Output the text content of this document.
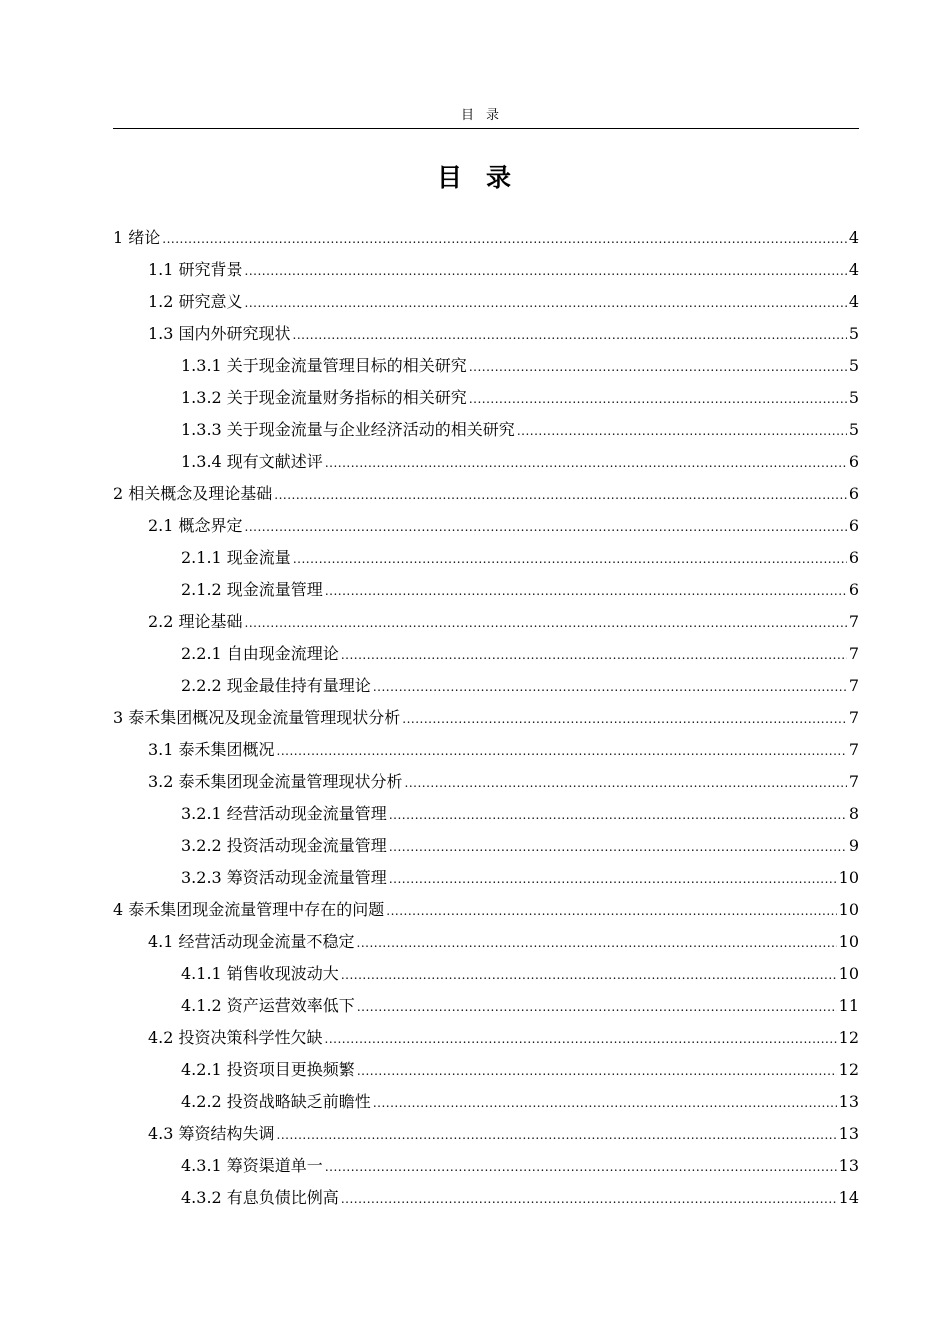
目录
目录
1 绪论 .....	4
1.1 研究背景 .....	4
1.2 研究意义 .....	4
1.3 国内外研究现状 .....	5
1.3.1 关于现金流量管理目标的相关研究 .....	5
1.3.2 关于现金流量财务指标的相关研究 .....	5
1.3.3 关于现金流量与企业经济活动的相关研究 .....	5
1.3.4 现有文献述评 .....	6
2 相关概念及理论基础 .....	6
2.1 概念界定 .....	6
2.1.1 现金流量 .....	6
2.1.2 现金流量管理 .....	6
2.2 理论基础 .....	7
2.2.1 自由现金流理论 .....	7
2.2.2 现金最佳持有量理论 .....	7
3 泰禾集团概况及现金流量管理现状分析 .....	7
3.1 泰禾集团概况 .....	7
3.2 泰禾集团现金流量管理现状分析 .....	7
3.2.1 经营活动现金流量管理 .....	8
3.2.2 投资活动现金流量管理 .....	9
3.2.3 筹资活动现金流量管理 .....	10
4 泰禾集团现金流量管理中存在的问题 .....	10
4.1 经营活动现金流量不稳定 .....	10
4.1.1 销售收现波动大 .....	10
4.1.2 资产运营效率低下 .....	11
4.2 投资决策科学性欠缺 .....	12
4.2.1 投资项目更换频繁 .....	12
4.2.2 投资战略缺乏前瞻性 .....	13
4.3 筹资结构失调 .....	13
4.3.1 筹资渠道单一 .....	13
4.3.2 有息负债比例高 .....	14
